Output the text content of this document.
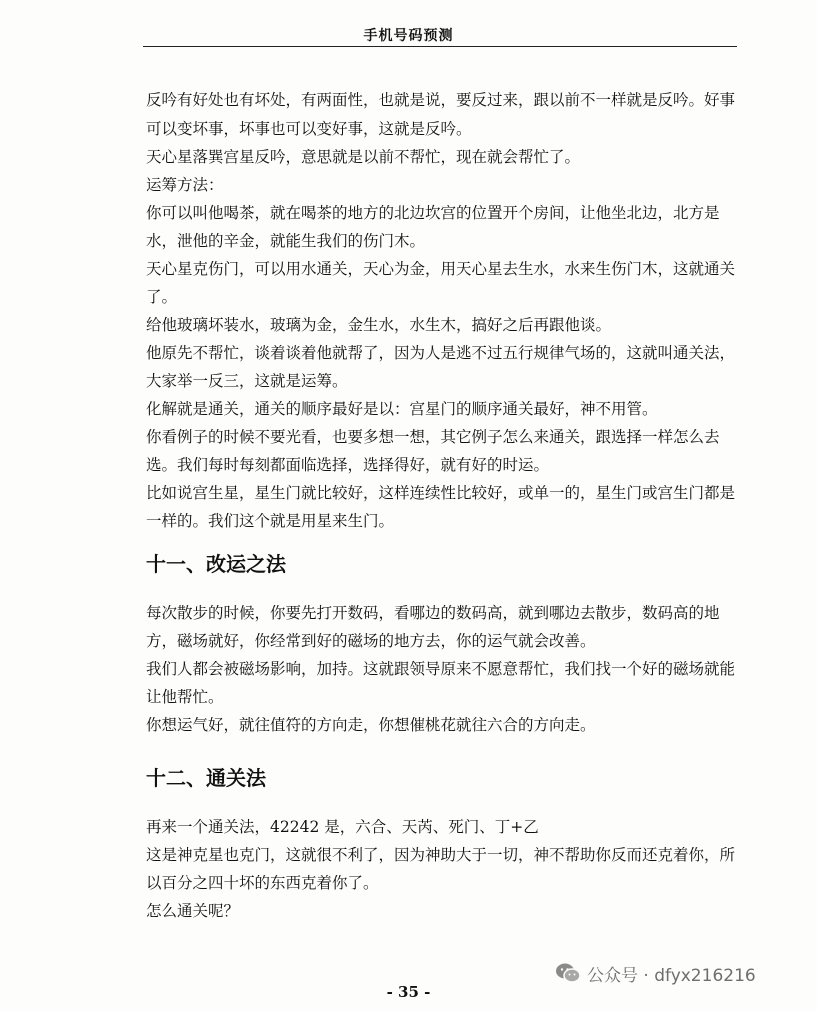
手机号码预测

反吟有好处也有坏处，有两面性，也就是说，要反过来，跟以前不一样就是反吟。好事

可以变坏事，坏事也可以变好事，这就是反吟。

天心星落巽宫星反吟，意思就是以前不帮忙，现在就会帮忙了。

运筹方法：

你可以叫他喝茶，就在喝茶的地方的北边坎宫的位置开个房间，让他坐北边，北方是

水，泄他的辛金，就能生我们的伤门木。

天心星克伤门，可以用水通关，天心为金，用天心星去生水，水来生伤门木，这就通关

了。

给他玻璃坏装水，玻璃为金，金生水，水生木，搞好之后再跟他谈。

他原先不帮忙，谈着谈着他就帮了，因为人是逃不过五行规律气场的，这就叫通关法，

大家举一反三，这就是运筹。

化解就是通关，通关的顺序最好是以：宫星门的顺序通关最好，神不用管。

你看例子的时候不要光看，也要多想一想，其它例子怎么来通关，跟选择一样怎么去

选。我们每时每刻都面临选择，选择得好，就有好的时运。

比如说宫生星，星生门就比较好，这样连续性比较好，或单一的，星生门或宫生门都是

一样的。我们这个就是用星来生门。

十一、改运之法

每次散步的时候，你要先打开数码，看哪边的数码高，就到哪边去散步，数码高的地

方，磁场就好，你经常到好的磁场的地方去，你的运气就会改善。

我们人都会被磁场影响，加持。这就跟领导原来不愿意帮忙，我们找一个好的磁场就能

让他帮忙。

你想运气好，就往值符的方向走，你想催桃花就往六合的方向走。

十二、通关法

再来一个通关法，42242 是，六合、天芮、死门、丁+乙

这是神克星也克门，这就很不利了，因为神助大于一切，神不帮助你反而还克着你，所

以百分之四十坏的东西克着你了。

怎么通关呢？

公众号 · dfyx216216
- 35 -
